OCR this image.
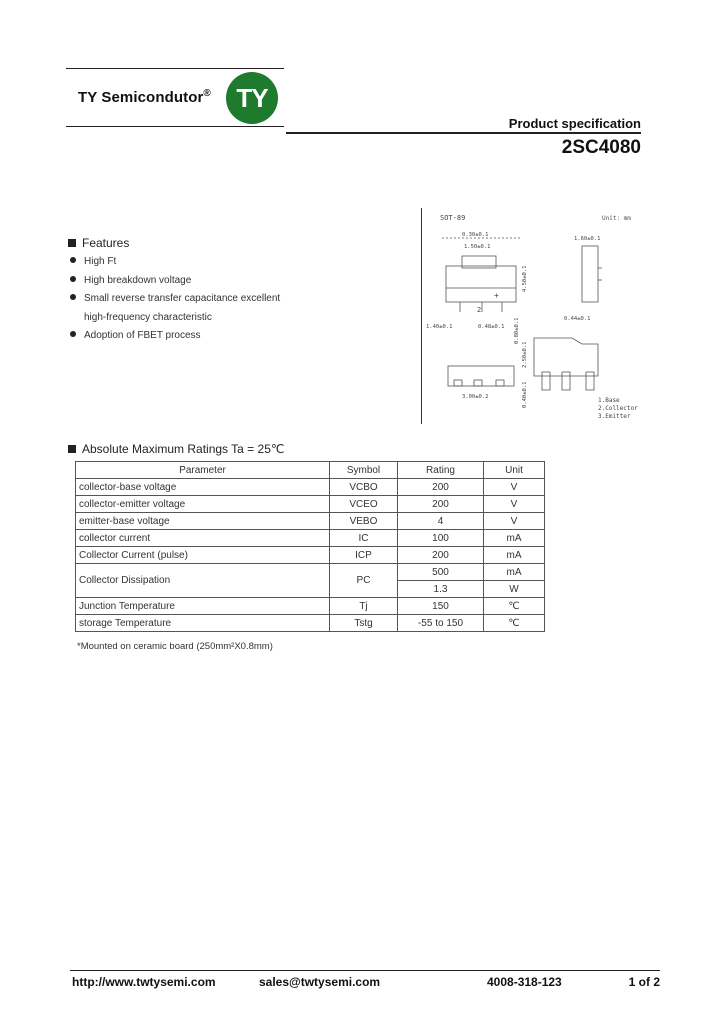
TY Semicondutor® TY
Product specification
2SC4080
Features
High Ft
High breakdown voltage
Small reverse transfer capacitance excellent
high-frequency characteristic
Adoption of FBET process
SOT-89	Unit: mm
2
+
0.30±0.1
1.50±0.1
4.50±0.1
1.40±0.1	0.48±0.1
1.60±0.1
0.44±0.1
3.00±0.2
2.50±0.1
0.80±0.1
0.40±0.1	1.Base
2.Collector
3.Emitter
Absolute Maximum Ratings Ta = 25℃
Parameter	Symbol	Rating	Unit
collector-base voltage	VCBO	200	V
collector-emitter voltage	VCEO	200	V
emitter-base voltage	VEBO	4	V
collector current	IC	100	mA
Collector Current (pulse)	ICP	200	mA
Collector Dissipation	PC	500	mA
		1.3	W
Junction Temperature	Tj	150	℃
storage Temperature	Tstg	-55 to 150	℃
*Mounted on ceramic board (250mm²X0.8mm)
http://www.twtysemi.com	sales@twtysemi.com	4008-318-123	1 of 2
